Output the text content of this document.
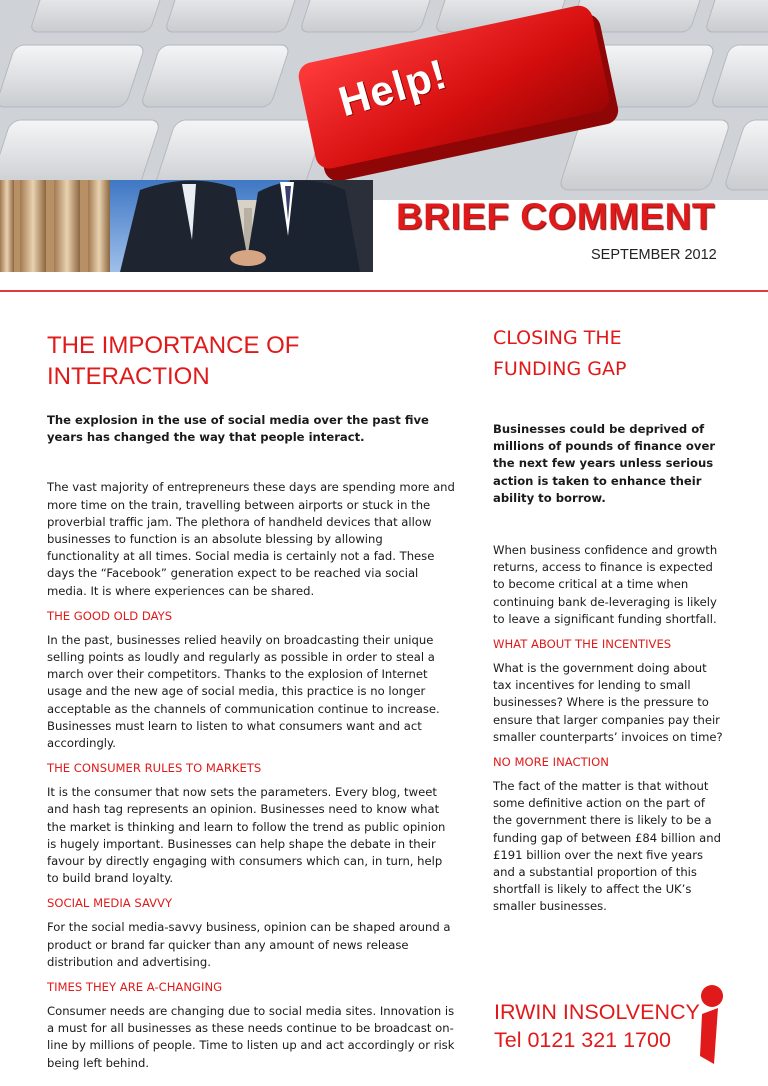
Help!
BRIEF COMMENT
SEPTEMBER 2012
THE IMPORTANCE OF
INTERACTION

The explosion in the use of social media over the past five years has changed the way that people interact.

The vast majority of entrepreneurs these days are spending more and more time on the train, travelling between airports or stuck in the proverbial traffic jam. The plethora of handheld devices that allow businesses to function is an absolute blessing by allowing functionality at all times. Social media is certainly not a fad. These days the “Facebook” generation expect to be reached via social media. It is where experiences can be shared.

THE GOOD OLD DAYS

In the past, businesses relied heavily on broadcasting their unique selling points as loudly and regularly as possible in order to steal a march over their competitors. Thanks to the explosion of Internet usage and the new age of social media, this practice is no longer acceptable as the channels of communication continue to increase. Businesses must learn to listen to what consumers want and act accordingly.

THE CONSUMER RULES TO MARKETS

It is the consumer that now sets the parameters. Every blog, tweet and hash tag represents an opinion. Businesses need to know what the market is thinking and learn to follow the trend as public opinion is hugely important. Businesses can help shape the debate in their favour by directly engaging with consumers which can, in turn, help to build brand loyalty.

SOCIAL MEDIA SAVVY

For the social media-savvy business, opinion can be shaped around a product or brand far quicker than any amount of news release distribution and advertising.

TIMES THEY ARE A-CHANGING

Consumer needs are changing due to social media sites. Innovation is a must for all businesses as these needs continue to be broadcast on-line by millions of people. Time to listen up and act accordingly or risk being left behind.

CLOSING THE
FUNDING GAP

Businesses could be deprived of millions of pounds of finance over the next few years unless serious action is taken to enhance their ability to borrow.

When business confidence and growth returns, access to finance is expected to become critical at a time when continuing bank de-leveraging is likely to leave a significant funding shortfall.

WHAT ABOUT THE INCENTIVES

What is the government doing about tax incentives for lending to small businesses? Where is the pressure to ensure that larger companies pay their smaller counterparts’ invoices on time?

NO MORE INACTION

The fact of the matter is that without some definitive action on the part of the government there is likely to be a funding gap of between £84 billion and £191 billion over the next five years and a substantial proportion of this shortfall is likely to affect the UK’s smaller businesses.

IRWIN INSOLVENCY
Tel 0121 321 1700
